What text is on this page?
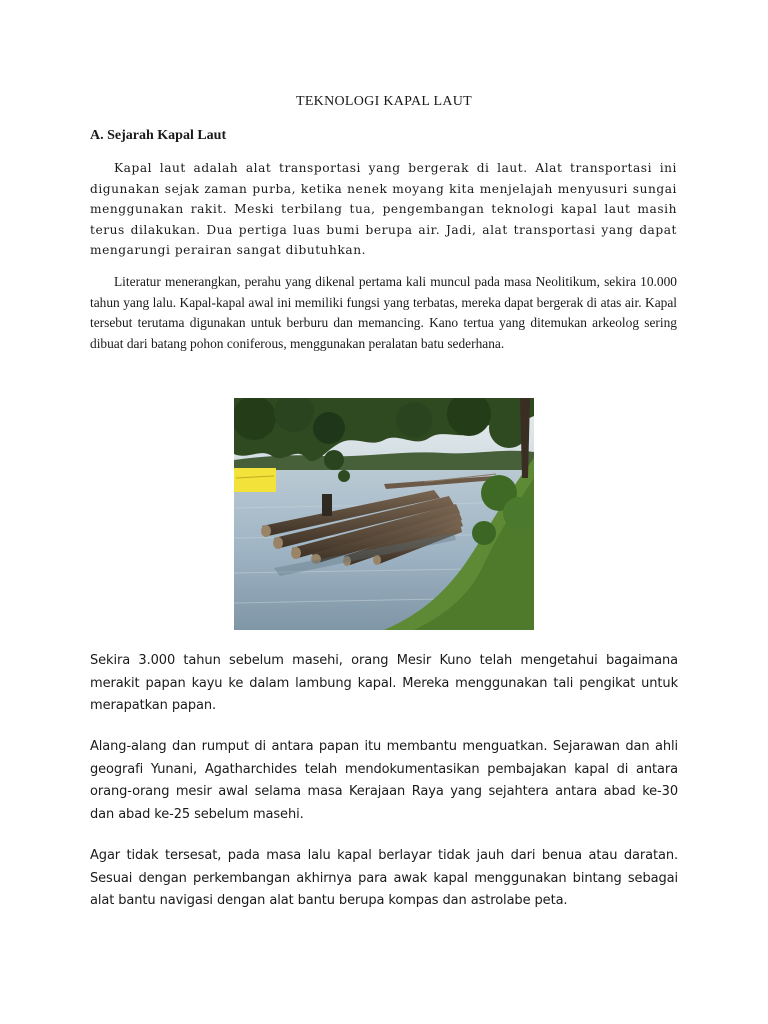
TEKNOLOGI KAPAL LAUT
A. Sejarah Kapal Laut

Kapal laut adalah alat transportasi yang bergerak di laut. Alat transportasi ini digunakan sejak zaman purba, ketika nenek moyang kita menjelajah menyusuri sungai menggunakan rakit. Meski terbilang tua, pengembangan teknologi kapal laut masih terus dilakukan. Dua pertiga luas bumi berupa air. Jadi, alat transportasi yang dapat mengarungi perairan sangat dibutuhkan.

Literatur menerangkan, perahu yang dikenal pertama kali muncul pada masa Neolitikum, sekira 10.000 tahun yang lalu. Kapal-kapal awal ini memiliki fungsi yang terbatas, mereka dapat bergerak di atas air. Kapal tersebut terutama digunakan untuk berburu dan memancing. Kano tertua yang ditemukan arkeolog sering dibuat dari batang pohon coniferous, menggunakan peralatan batu sederhana.

Sekira 3.000 tahun sebelum masehi, orang Mesir Kuno telah mengetahui bagaimana merakit papan kayu ke dalam lambung kapal. Mereka menggunakan tali pengikat untuk merapatkan papan.

Alang-alang dan rumput di antara papan itu membantu menguatkan. Sejarawan dan ahli geografi Yunani, Agatharchides telah mendokumentasikan pembajakan kapal di antara orang-orang mesir awal selama masa Kerajaan Raya yang sejahtera antara abad ke-30 dan abad ke-25 sebelum masehi.

Agar tidak tersesat, pada masa lalu kapal berlayar tidak jauh dari benua atau daratan. Sesuai dengan perkembangan akhirnya para awak kapal menggunakan bintang sebagai alat bantu navigasi dengan alat bantu berupa kompas dan astrolabe peta.
